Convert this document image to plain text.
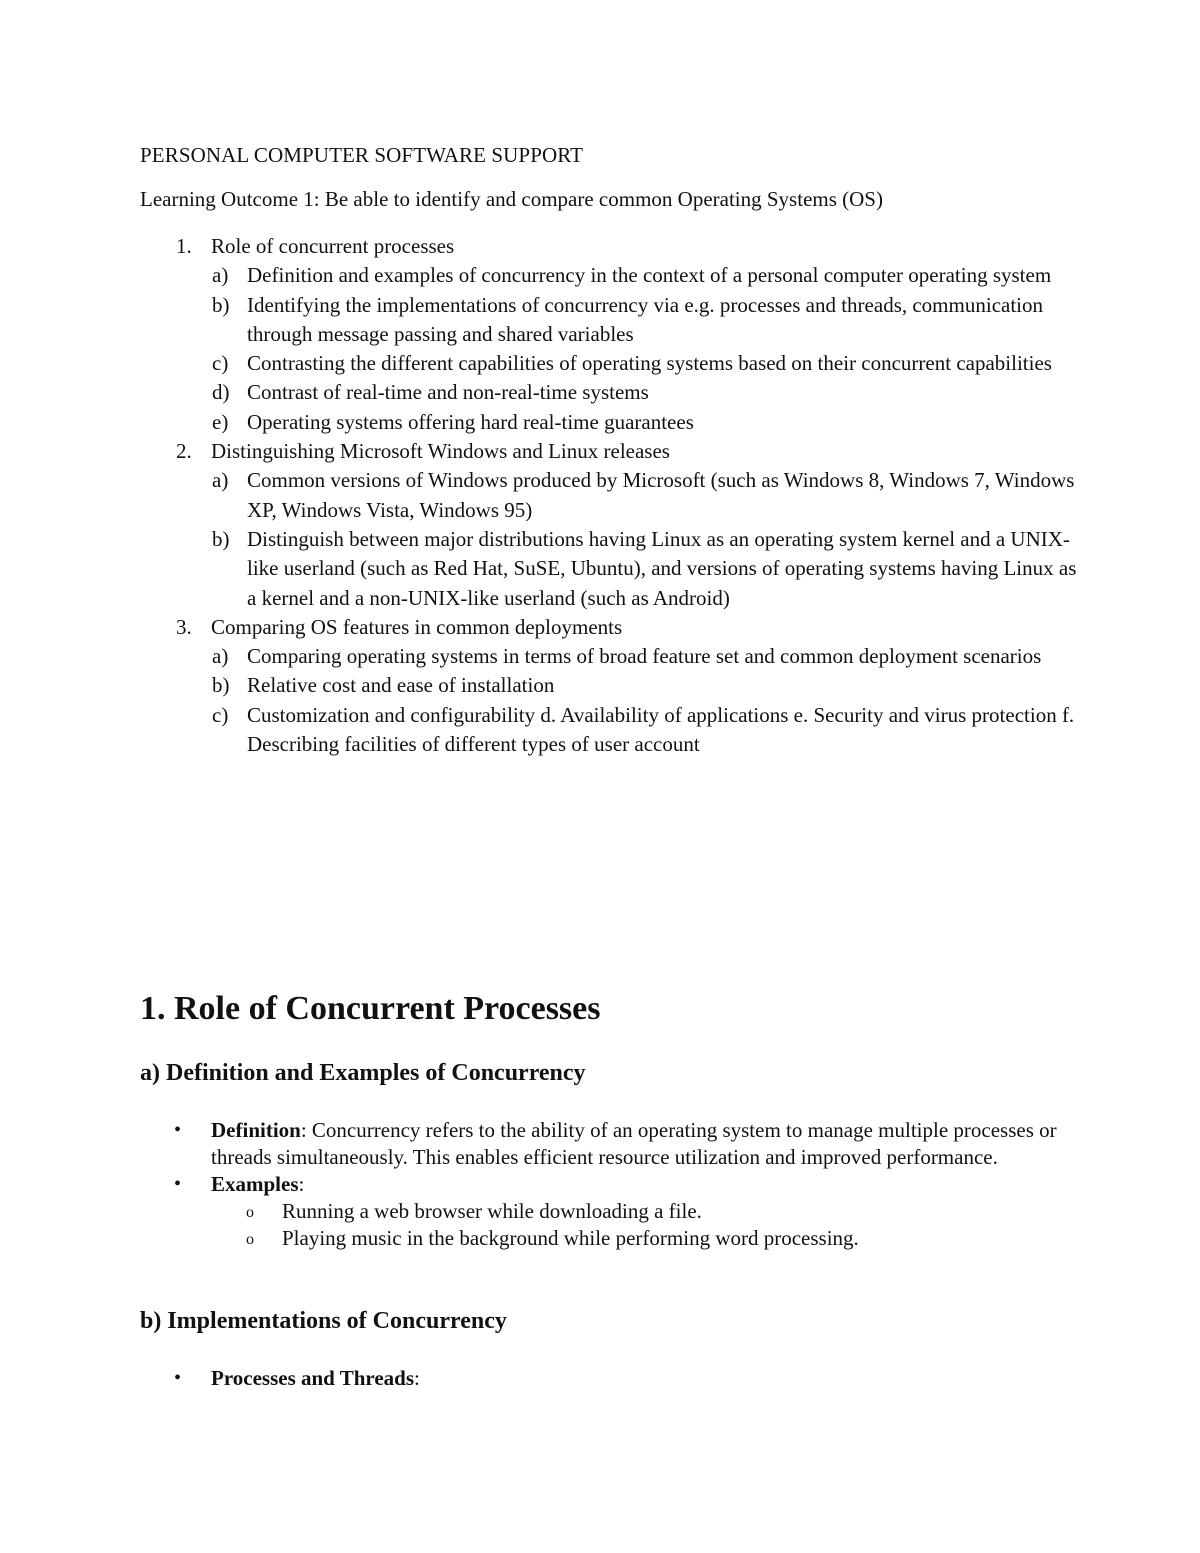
PERSONAL COMPUTER SOFTWARE SUPPORT
Learning Outcome 1: Be able to identify and compare common Operating Systems (OS)
1. Role of concurrent processes
a) Definition and examples of concurrency in the context of a personal computer operating system
b) Identifying the implementations of concurrency via e.g. processes and threads, communication through message passing and shared variables
c) Contrasting the different capabilities of operating systems based on their concurrent capabilities
d) Contrast of real-time and non-real-time systems
e) Operating systems offering hard real-time guarantees
2. Distinguishing Microsoft Windows and Linux releases
a) Common versions of Windows produced by Microsoft (such as Windows 8, Windows 7, Windows XP, Windows Vista, Windows 95)
b) Distinguish between major distributions having Linux as an operating system kernel and a UNIX-like userland (such as Red Hat, SuSE, Ubuntu), and versions of operating systems having Linux as a kernel and a non-UNIX-like userland (such as Android)
3. Comparing OS features in common deployments
a) Comparing operating systems in terms of broad feature set and common deployment scenarios
b) Relative cost and ease of installation
c) Customization and configurability d. Availability of applications e. Security and virus protection f. Describing facilities of different types of user account
1. Role of Concurrent Processes
a) Definition and Examples of Concurrency
• Definition: Concurrency refers to the ability of an operating system to manage multiple processes or threads simultaneously. This enables efficient resource utilization and improved performance.
• Examples:
o Running a web browser while downloading a file.
o Playing music in the background while performing word processing.
b) Implementations of Concurrency
• Processes and Threads:
